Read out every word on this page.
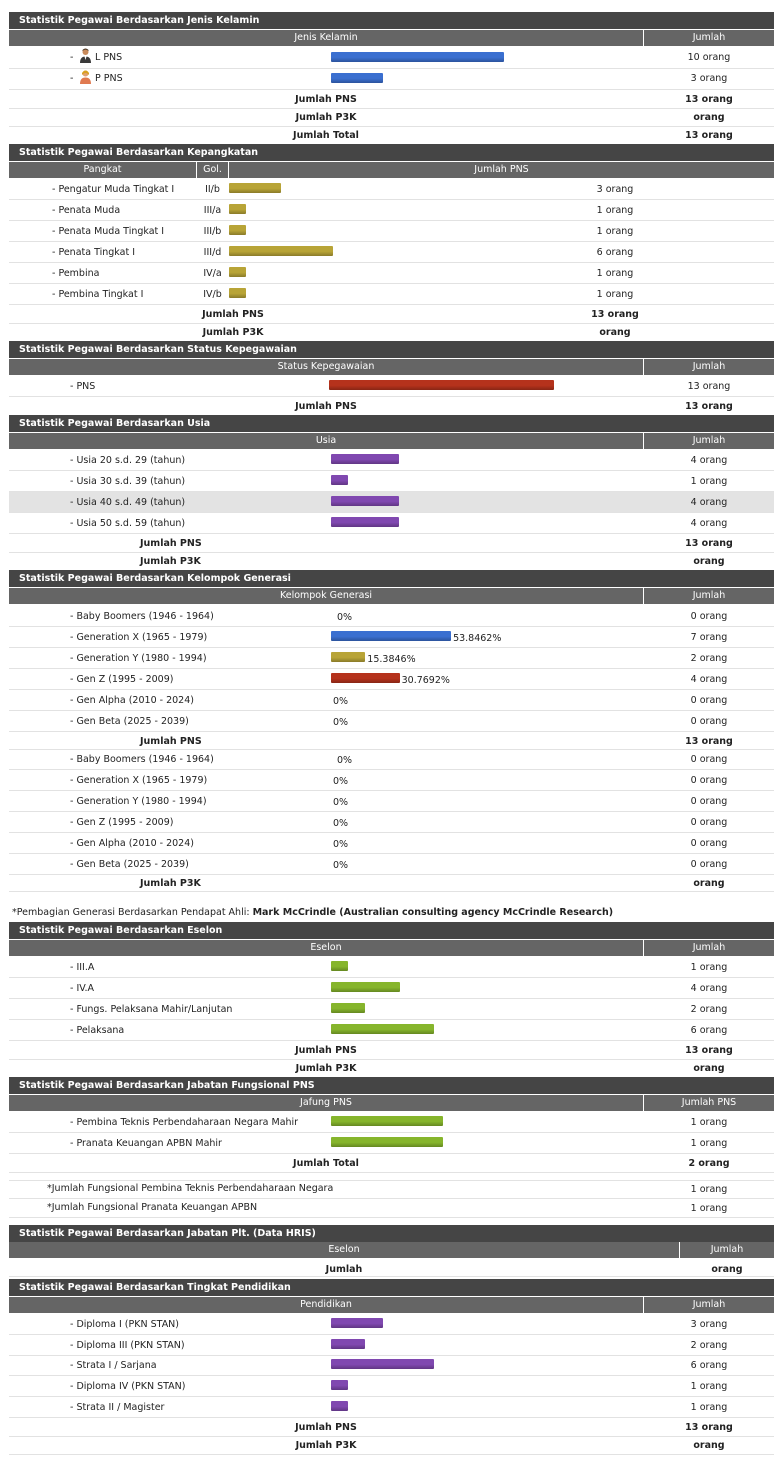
Statistik Pegawai Berdasarkan Jenis Kelamin
Jenis Kelamin	Jumlah
- L PNS	10 orang
- P PNS	3 orang
Jumlah PNS	13 orang
Jumlah P3K	orang
Jumlah Total	13 orang
Statistik Pegawai Berdasarkan Kepangkatan
Pangkat	Gol.	Jumlah PNS
- Pengatur Muda Tingkat I	II/b	3 orang
- Penata Muda	III/a	1 orang
- Penata Muda Tingkat I	III/b	1 orang
- Penata Tingkat I	III/d	6 orang
- Pembina	IV/a	1 orang
- Pembina Tingkat I	IV/b	1 orang
Jumlah PNS	13 orang
Jumlah P3K	orang
Statistik Pegawai Berdasarkan Status Kepegawaian
Status Kepegawaian	Jumlah
- PNS	13 orang
Jumlah PNS	13 orang
Statistik Pegawai Berdasarkan Usia
Usia	Jumlah
- Usia 20 s.d. 29 (tahun)	4 orang
- Usia 30 s.d. 39 (tahun)	1 orang
- Usia 40 s.d. 49 (tahun)	4 orang
- Usia 50 s.d. 59 (tahun)	4 orang
Jumlah PNS	13 orang
Jumlah P3K	orang
Statistik Pegawai Berdasarkan Kelompok Generasi
Kelompok Generasi	Jumlah
- Baby Boomers (1946 - 1964)	0%	0 orang
- Generation X (1965 - 1979)	53.8462%	7 orang
- Generation Y (1980 - 1994)	15.3846%	2 orang
- Gen Z (1995 - 2009)	30.7692%	4 orang
- Gen Alpha (2010 - 2024)	0%	0 orang
- Gen Beta (2025 - 2039)	0%	0 orang
Jumlah PNS	13 orang
- Baby Boomers (1946 - 1964)	0%	0 orang
- Generation X (1965 - 1979)	0%	0 orang
- Generation Y (1980 - 1994)	0%	0 orang
- Gen Z (1995 - 2009)	0%	0 orang
- Gen Alpha (2010 - 2024)	0%	0 orang
- Gen Beta (2025 - 2039)	0%	0 orang
Jumlah P3K	orang
*Pembagian Generasi Berdasarkan Pendapat Ahli: Mark McCrindle (Australian consulting agency McCrindle Research)
Statistik Pegawai Berdasarkan Eselon
Eselon	Jumlah
- III.A	1 orang
- IV.A	4 orang
- Fungs. Pelaksana Mahir/Lanjutan	2 orang
- Pelaksana	6 orang
Jumlah PNS	13 orang
Jumlah P3K	orang
Statistik Pegawai Berdasarkan Jabatan Fungsional PNS
Jafung PNS	Jumlah PNS
- Pembina Teknis Perbendaharaan Negara Mahir	1 orang
- Pranata Keuangan APBN Mahir	1 orang
Jumlah Total	2 orang
*Jumlah Fungsional Pembina Teknis Perbendaharaan Negara	1 orang
*Jumlah Fungsional Pranata Keuangan APBN	1 orang
Statistik Pegawai Berdasarkan Jabatan Plt. (Data HRIS)
Eselon	Jumlah
Jumlah	orang
Statistik Pegawai Berdasarkan Tingkat Pendidikan
Pendidikan	Jumlah
- Diploma I (PKN STAN)	3 orang
- Diploma III (PKN STAN)	2 orang
- Strata I / Sarjana	6 orang
- Diploma IV (PKN STAN)	1 orang
- Strata II / Magister	1 orang
Jumlah PNS	13 orang
Jumlah P3K	orang
